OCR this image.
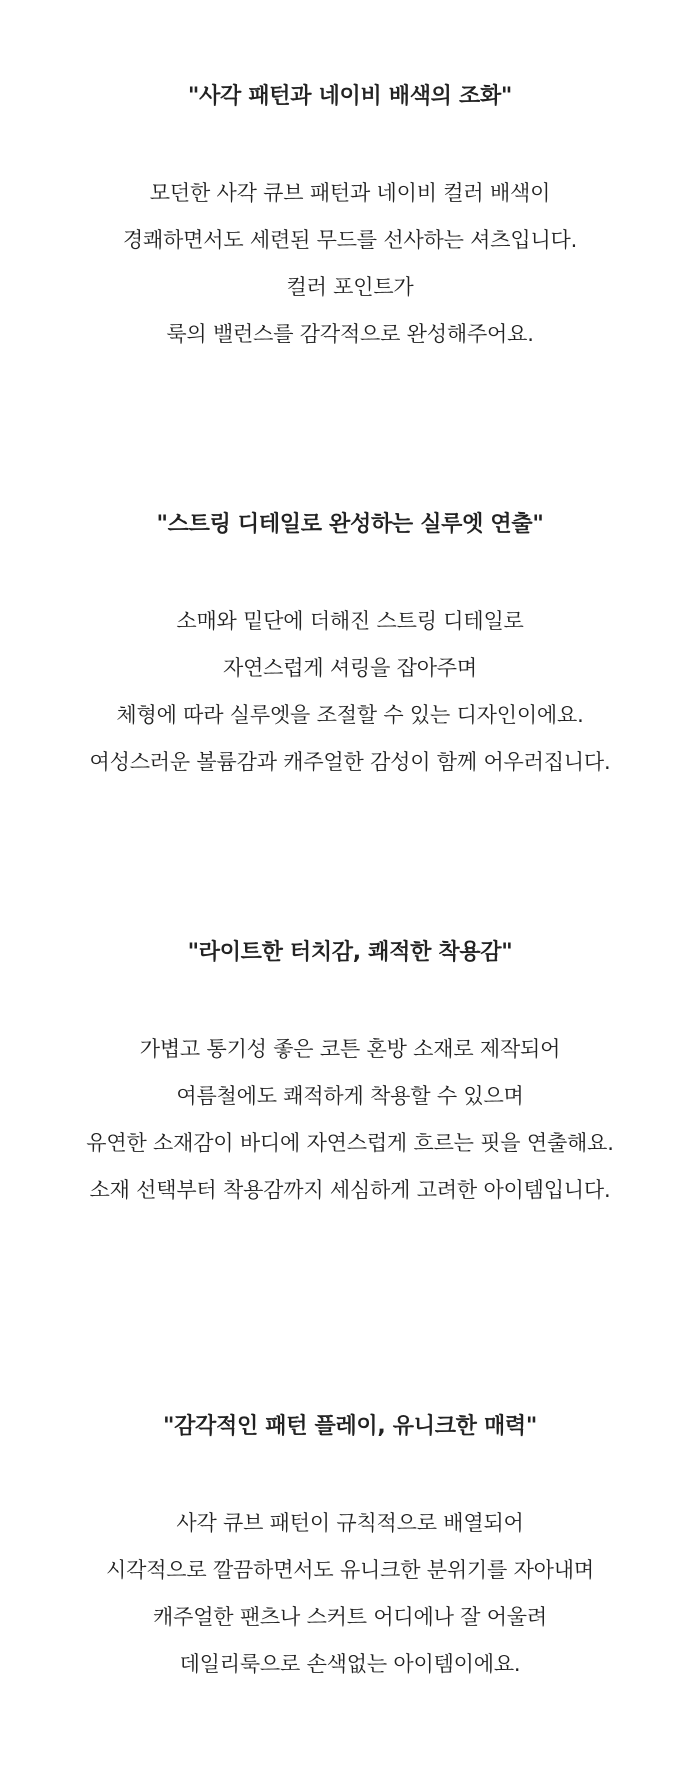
"사각 패턴과 네이비 배색의 조화"
모던한 사각 큐브 패턴과 네이비 컬러 배색이
경쾌하면서도 세련된 무드를 선사하는 셔츠입니다.
컬러 포인트가
룩의 밸런스를 감각적으로 완성해주어요.
"스트링 디테일로 완성하는 실루엣 연출"
소매와 밑단에 더해진 스트링 디테일로
자연스럽게 셔링을 잡아주며
체형에 따라 실루엣을 조절할 수 있는 디자인이에요.
여성스러운 볼륨감과 캐주얼한 감성이 함께 어우러집니다.
"라이트한 터치감, 쾌적한 착용감"
가볍고 통기성 좋은 코튼 혼방 소재로 제작되어
여름철에도 쾌적하게 착용할 수 있으며
유연한 소재감이 바디에 자연스럽게 흐르는 핏을 연출해요.
소재 선택부터 착용감까지 세심하게 고려한 아이템입니다.
"감각적인 패턴 플레이, 유니크한 매력"
사각 큐브 패턴이 규칙적으로 배열되어
시각적으로 깔끔하면서도 유니크한 분위기를 자아내며
캐주얼한 팬츠나 스커트 어디에나 잘 어울려
데일리룩으로 손색없는 아이템이에요.
